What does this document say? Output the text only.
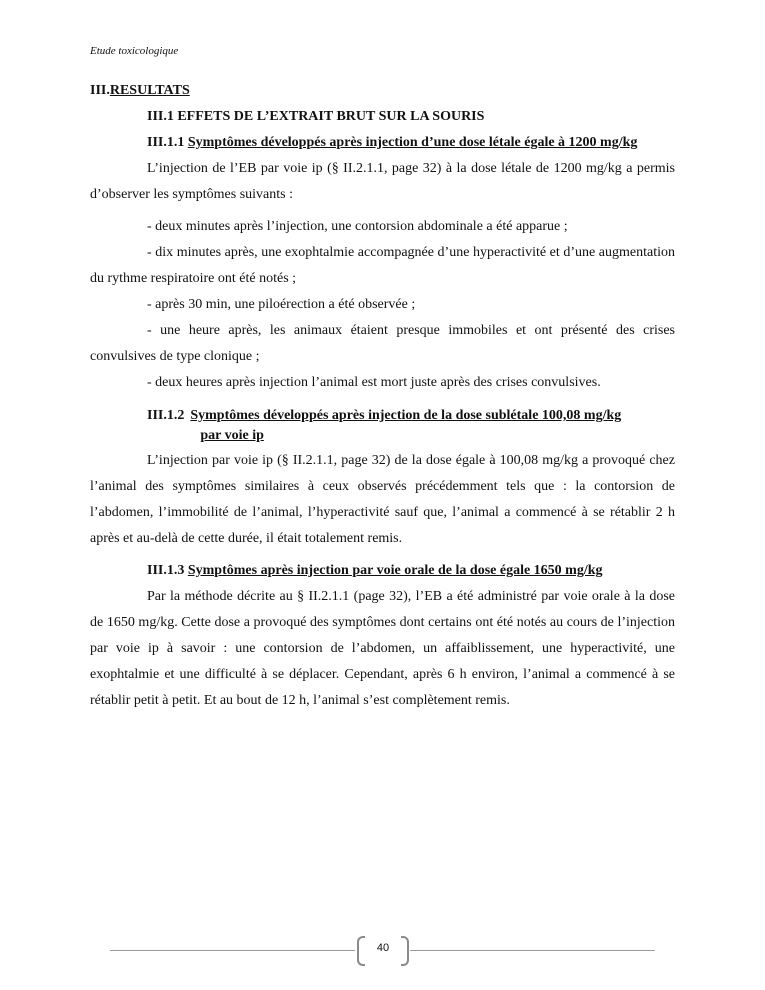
Etude toxicologique
III.RESULTATS
III.1 EFFETS DE L’EXTRAIT BRUT SUR LA SOURIS
III.1.1 Symptômes développés après injection d’une dose létale égale à 1200 mg/kg

L’injection de l’EB par voie ip (§ II.2.1.1, page 32) à la dose létale de 1200 mg/kg a permis d’observer les symptômes suivants :

- deux minutes après l’injection, une contorsion abdominale a été apparue ;

- dix minutes après, une exophtalmie accompagnée d’une hyperactivité et d’une augmentation du rythme respiratoire ont été notés ;

- après 30 min, une piloérection a été observée ;

- une heure après, les animaux étaient presque immobiles et ont présenté des crises convulsives de type clonique ;

- deux heures après injection l’animal est mort juste après des crises convulsives.

III.1.2 Symptômes développés après injection de la dose sublétale 100,08 mg/kg
par voie ip

L’injection par voie ip (§ II.2.1.1, page 32) de la dose égale à 100,08 mg/kg a provoqué chez l’animal des symptômes similaires à ceux observés précédemment tels que : la contorsion de l’abdomen, l’immobilité de l’animal, l’hyperactivité sauf que, l’animal a commencé à se rétablir 2 h après et au-delà de cette durée, il était totalement remis.

III.1.3 Symptômes après injection par voie orale de la dose égale 1650 mg/kg

Par la méthode décrite au § II.2.1.1 (page 32), l’EB a été administré par voie orale à la dose de 1650 mg/kg. Cette dose a provoqué des symptômes dont certains ont été notés au cours de l’injection par voie ip à savoir : une contorsion de l’abdomen, un affaiblissement, une hyperactivité, une exophtalmie et une difficulté à se déplacer. Cependant, après 6 h environ, l’animal a commencé à se rétablir petit à petit. Et au bout de 12 h, l’animal s’est complètement remis.

40
